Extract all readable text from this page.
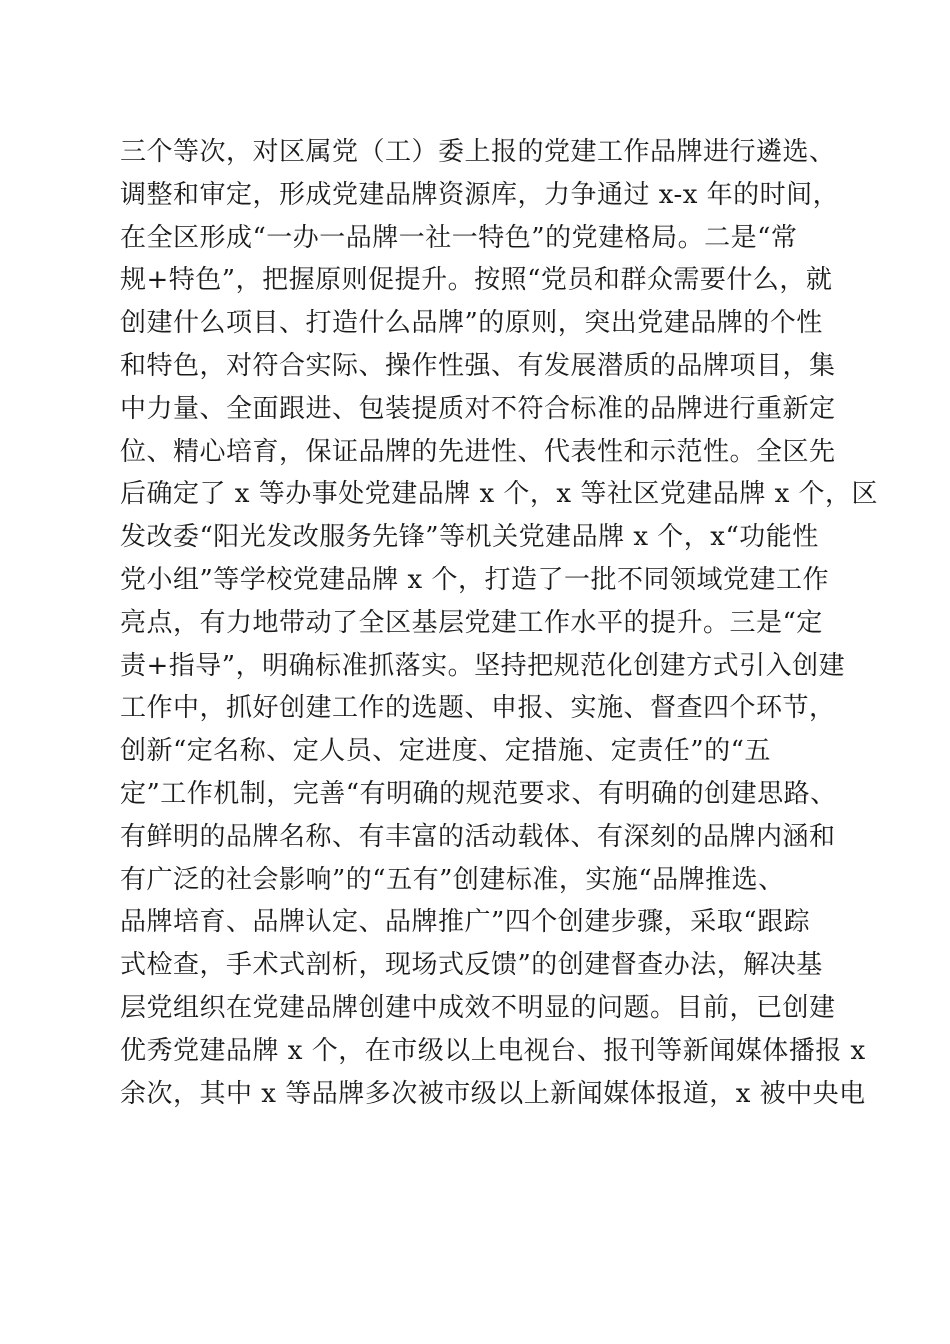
三个等次，对区属党（工）委上报的党建工作品牌进行遴选、
调整和审定，形成党建品牌资源库，力争通过 x-x 年的时间，
在全区形成“一办一品牌一社一特色”的党建格局。二是“常
规+特色”，把握原则促提升。按照“党员和群众需要什么，就
创建什么项目、打造什么品牌”的原则，突出党建品牌的个性
和特色，对符合实际、操作性强、有发展潜质的品牌项目，集
中力量、全面跟进、包装提质对不符合标准的品牌进行重新定
位、精心培育，保证品牌的先进性、代表性和示范性。全区先
后确定了 x 等办事处党建品牌 x 个，x 等社区党建品牌 x 个，区
发改委“阳光发改服务先锋”等机关党建品牌 x 个，x“功能性
党小组”等学校党建品牌 x 个，打造了一批不同领域党建工作
亮点，有力地带动了全区基层党建工作水平的提升。三是“定
责+指导”，明确标准抓落实。坚持把规范化创建方式引入创建
工作中，抓好创建工作的选题、申报、实施、督查四个环节，
创新“定名称、定人员、定进度、定措施、定责任”的“五
定”工作机制，完善“有明确的规范要求、有明确的创建思路、
有鲜明的品牌名称、有丰富的活动载体、有深刻的品牌内涵和
有广泛的社会影响”的“五有”创建标准，实施“品牌推选、
品牌培育、品牌认定、品牌推广”四个创建步骤，采取“跟踪
式检查，手术式剖析，现场式反馈”的创建督查办法，解决基
层党组织在党建品牌创建中成效不明显的问题。目前，已创建
优秀党建品牌 x 个，在市级以上电视台、报刊等新闻媒体播报 x
余次，其中 x 等品牌多次被市级以上新闻媒体报道，x 被中央电
